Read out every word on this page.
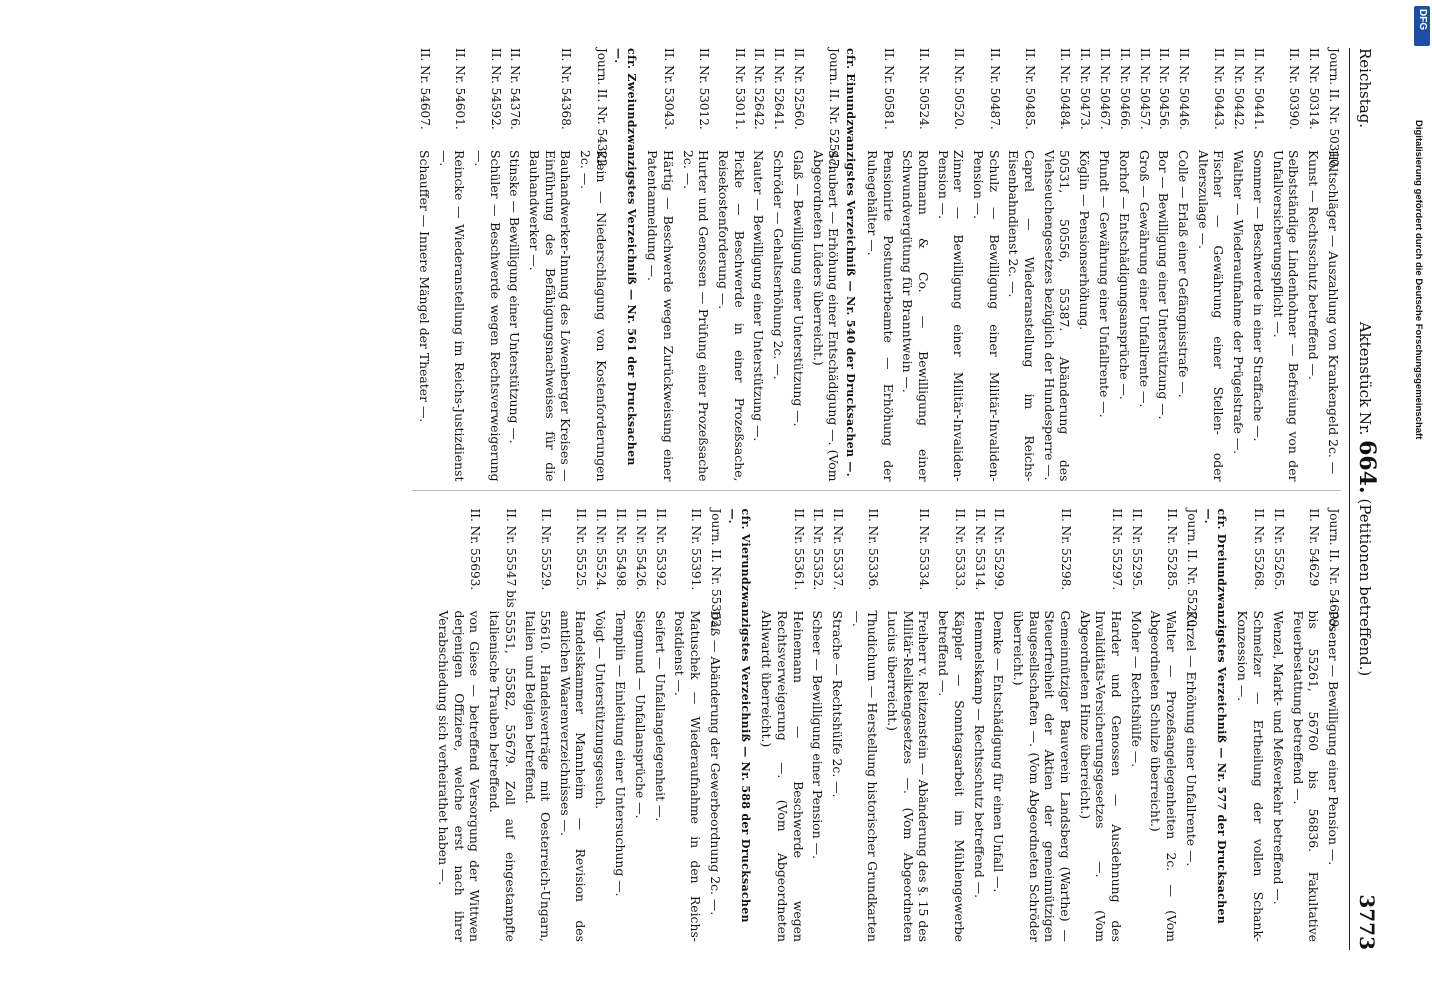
Reichstag.
Aktenstück Nr. 664. (Petitionen betreffend.)
3773
Journ. II. Nr. 50310.
Höltschläger — Auszahlung von Krankengeld 2c. —
II. Nr. 50314.
Kunst — Rechtsschutz betreffend —.
II. Nr. 50390.
Selbstständige Lindenhohner — Befreiung von der Unfallversicherungspflicht —.
II. Nr. 50441.
Sommer — Beschwerde in einer Straffache —.
II. Nr. 50442.
Walther — Wiederaufnahme der Prügelstrafe —.
II. Nr. 50443.
Fischer — Gewährung einer Stellen- oder Alterszulage —.
II. Nr. 50446.
Colle — Erlaß einer Gefängnisstrafe —.
II. Nr. 50456.
Bor — Bewilligung einer Unterstützung —.
II. Nr. 50457.
Groß — Gewährung einer Unfallrente —.
II. Nr. 50466.
Rorhof — Entschädigungsansprüche —.
II. Nr. 50467.
Pfundt — Gewährung einer Unfallrente —.
II. Nr. 50473.
Köglin — Pensionserhöhung.
II. Nr. 50484.
50531, 50556, 55387. Abänderung des Viehseuchengesetzes bezüglich der Hundesperre —.
II. Nr. 50485.
Caprel — Wiederanstellung im Reichs-Eisenbahndienst 2c. —.
II. Nr. 50487.
Schulz — Bewilligung einer Militär-Invaliden-Pension —.
II. Nr. 50520.
Zinner — Bewilligung einer Militär-Invaliden-Pension —.
II. Nr. 50524.
Rothmann & Co. — Bewilligung einer Schwundvergütung für Branntwein —.
II. Nr. 50581.
Pensionirte Postunterbeamte — Erhöhung der Ruhegehälter —.
cfr. Einundzwanzigstes Verzeichniß — Nr. 540 der Drucksachen —.
Journ. II. Nr. 52547.
Schubert — Erhöhung einer Entschädigung —. (Vom Abgeordneten Lüders überreicht.)
II. Nr. 52560.
Glaß — Bewilligung einer Unterstützung —.
II. Nr. 52641.
Schröder — Gehaltserhöhung 2c. —.
II. Nr. 52642.
Nauter — Bewilligung einer Unterstützung —.
II. Nr. 53011.
Pickle — Beschwerde in einer Prozeßsache, Reisekostenforderung —.
II. Nr. 53012.
Hurter und Genossen — Prüfung einer Prozeßsache 2c. —.
II. Nr. 53043.
Härtig — Beschwerde wegen Zurückweisung einer Patentanmeldung —.
cfr. Zweiundzwanzigstes Verzeichniß — Nr. 561 der Drucksachen —.
Journ. II. Nr. 54322.
Klein — Niederschlagung von Kostenforderungen 2c. —.
II. Nr. 54368.
Bauhandwerker-Innung des Löwenberger Kreises — Einführung des Befähigungsnachweises für die Bauhandwerker —.
II. Nr. 54376.
Stinske — Bewilligung einer Unterstützung —.
II. Nr. 54592.
Schüler — Beschwerde wegen Rechtsverweigerung —.
II. Nr. 54601.
Reincke — Wiederanstellung im Reichs-Justizdienst —.
II. Nr. 54607.
Schauffer — Innere Mängel der Theater —.
Journ. II. Nr. 54609.
Posener — Bewilligung einer Pension —.
II. Nr. 54629
bis 55261, 56760 bis 56836. Fakultative Feuerbestattung betreffend —.
II. Nr. 55265.
Wenzel, Markt- und Meßverkehr betreffend —.
II. Nr. 55268.
Schmelzer — Ertheilung der vollen Schank-Konzession —.
cfr. Dreiundzwanzigstes Verzeichniß — Nr. 577 der Drucksachen —.
Journ. II. Nr. 55270.
Kurzel — Erhöhung einer Unfallrente —.
II. Nr. 55285.
Walter — Prozeßangelegenheiten 2c. — (Vom Abgeordneten Schulze überreicht.)
II. Nr. 55295.
Moher — Rechtshülfe —.
II. Nr. 55297.
Harder und Genossen — Ausdehnung des Invaliditäts-Versicherungsgesetzes —. (Vom Abgeordneten Hinze überreicht.)
II. Nr. 55298.
Gemeinnütziger Bauverein Landsberg (Warthe) — Steuerfreiheit der Aktien der gemeinnützigen Baugesellschaften —. (Vom Abgeordneten Schröder überreicht.)
II. Nr. 55299.
Demke — Entschädigung für einen Unfall —.
II. Nr. 55314.
Hemmelskamp — Rechtsschutz betreffend —.
II. Nr. 55333.
Käppler — Sonntagsarbeit im Mühlengewerbe betreffend —.
II. Nr. 55334.
Freiherr v. Reitzenstein — Abänderung des §. 15 des Militär-Reliktengesetzes —. (Vom Abgeordneten Lucius überreicht.)
II. Nr. 55336.
Thudichum — Herstellung historischer Grundkarten —.
II. Nr. 55337.
Strache — Rechtshülfe 2c. —.
II. Nr. 55352.
Scheer — Bewilligung einer Pension —.
II. Nr. 55361.
Heinemann — Beschwerde wegen Rechtsverweigerung —. (Vom Abgeordneten Ahlwardt überreicht.)
cfr. Vierundzwanzigstes Verzeichniß — Nr. 588 der Drucksachen —.
Journ. II. Nr. 55362.
Daß — Abänderung der Gewerbeordnung 2c. —.
II. Nr. 55391.
Matuschek — Wiederaufnahme in den Reichs-Postdienst —.
II. Nr. 55392.
Seifert — Unfallangelegenheit —.
II. Nr. 55426.
Siegmund — Unfallansprüche —.
II. Nr. 55498.
Templin — Einleitung einer Untersuchung —.
II. Nr. 55524.
Voigt — Unterstützungsgesuch.
II. Nr. 55525.
Handelskammer Mannheim — Revision des amtlichen Waarenverzeichnisses —.
II. Nr. 55529.
55610. Handelsverträge mit Oesterreich-Ungarn, Italien und Belgien betreffend.
II. Nr. 55547 bis
55551, 55582, 55679. Zoll auf eingestampfte italienische Trauben betreffend.
II. Nr. 55693.
von Giese — betreffend Versorgung der Wittwen derjenigen Offiziere, welche erst nach ihrer Verabschiedung sich verheirathet haben —.
Digitalisierung gefördert durch die Deutsche Forschungsgemeinschaft
DFG
